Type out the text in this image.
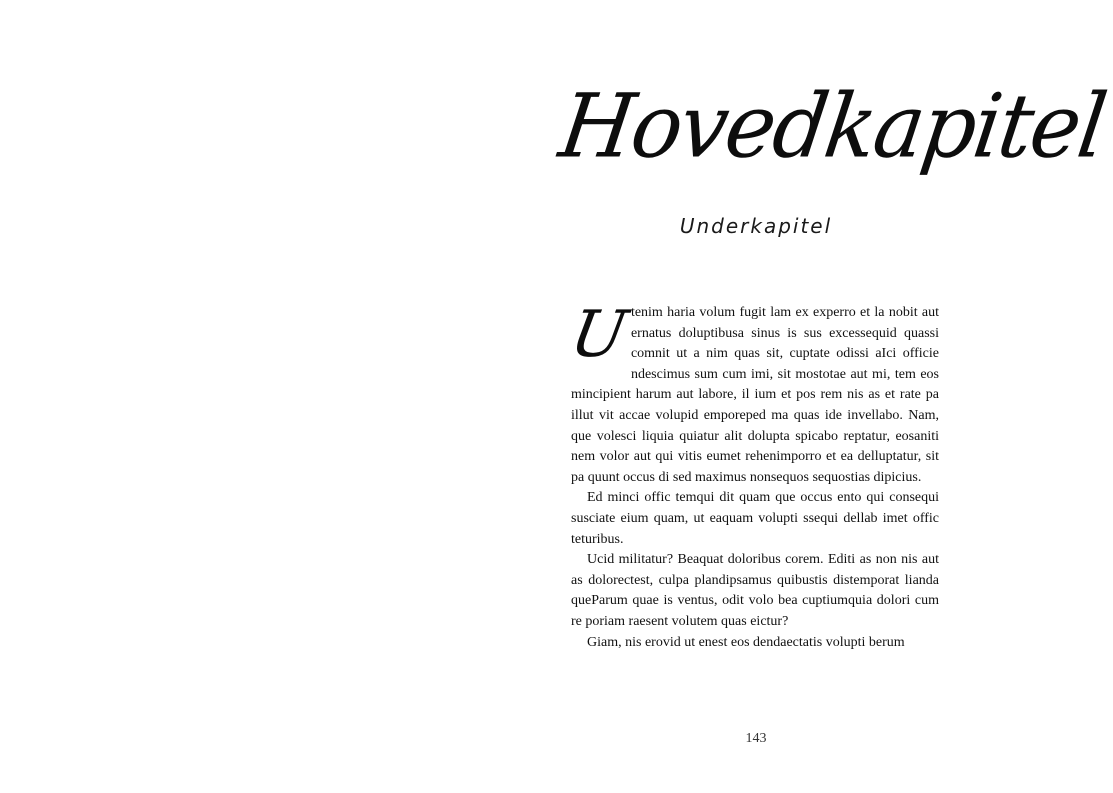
Hovedkapitel
Underkapitel

U
tenim haria volum fugit lam ex experro et la nobit aut ernatus doluptibusa sinus is sus excessequid quassi comnit ut a nim quas sit, cuptate odissi aIci officie ndescimus sum cum imi, sit mostotae aut mi, tem eos mincipient harum aut labore, il ium et pos rem nis as et rate pa illut vit accae volupid emporeped ma quas ide invellabo. Nam, que volesci liquia quiatur alit dolupta spicabo reptatur, eosaniti nem volor aut qui vitis eumet rehenimporro et ea delluptatur, sit pa quunt occus di sed maximus nonsequos sequostias dipicius.

Ed minci offic temqui dit quam que occus ento qui consequi susciate eium quam, ut eaquam volupti ssequi dellab imet offic teturibus.

Ucid militatur? Beaquat doloribus corem. Editi as non nis aut as dolorectest, culpa plandipsamus quibustis distemporat lianda queParum quae is ventus, odit volo bea cuptiumquia dolori cum re poriam raesent volutem quas eictur?

Giam, nis erovid ut enest eos dendaectatis volupti berum

143
